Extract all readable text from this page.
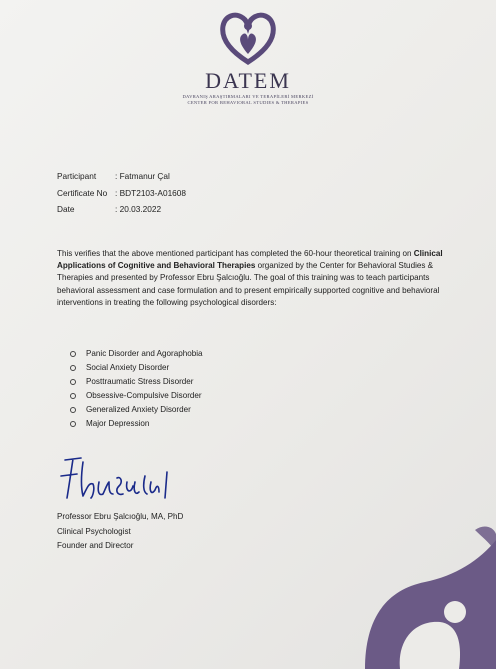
DATEM
DAVRANIŞ ARAŞTIRMALARI VE TERAPİLERİ MERKEZİ
CENTER FOR BEHAVIORAL STUDIES & THERAPIES
Participant	: Fatmanur Çal
Certificate No : BDT2103-A01608
Date	: 20.03.2022
This verifies that the above mentioned participant has completed the 60-hour theoretical training on Clinical Applications of Cognitive and Behavioral Therapies organized by the Center for Behavioral Studies & Therapies and presented by Professor Ebru Şalcıoğlu. The goal of this training was to teach participants behavioral assessment and case formulation and to present empirically supported cognitive and behavioral interventions in treating the following psychological disorders:
Panic Disorder and Agoraphobia
Social Anxiety Disorder
Posttraumatic Stress Disorder
Obsessive-Compulsive Disorder
Generalized Anxiety Disorder
Major Depression
Professor Ebru Şalcıoğlu, MA, PhD
Clinical Psychologist
Founder and Director
